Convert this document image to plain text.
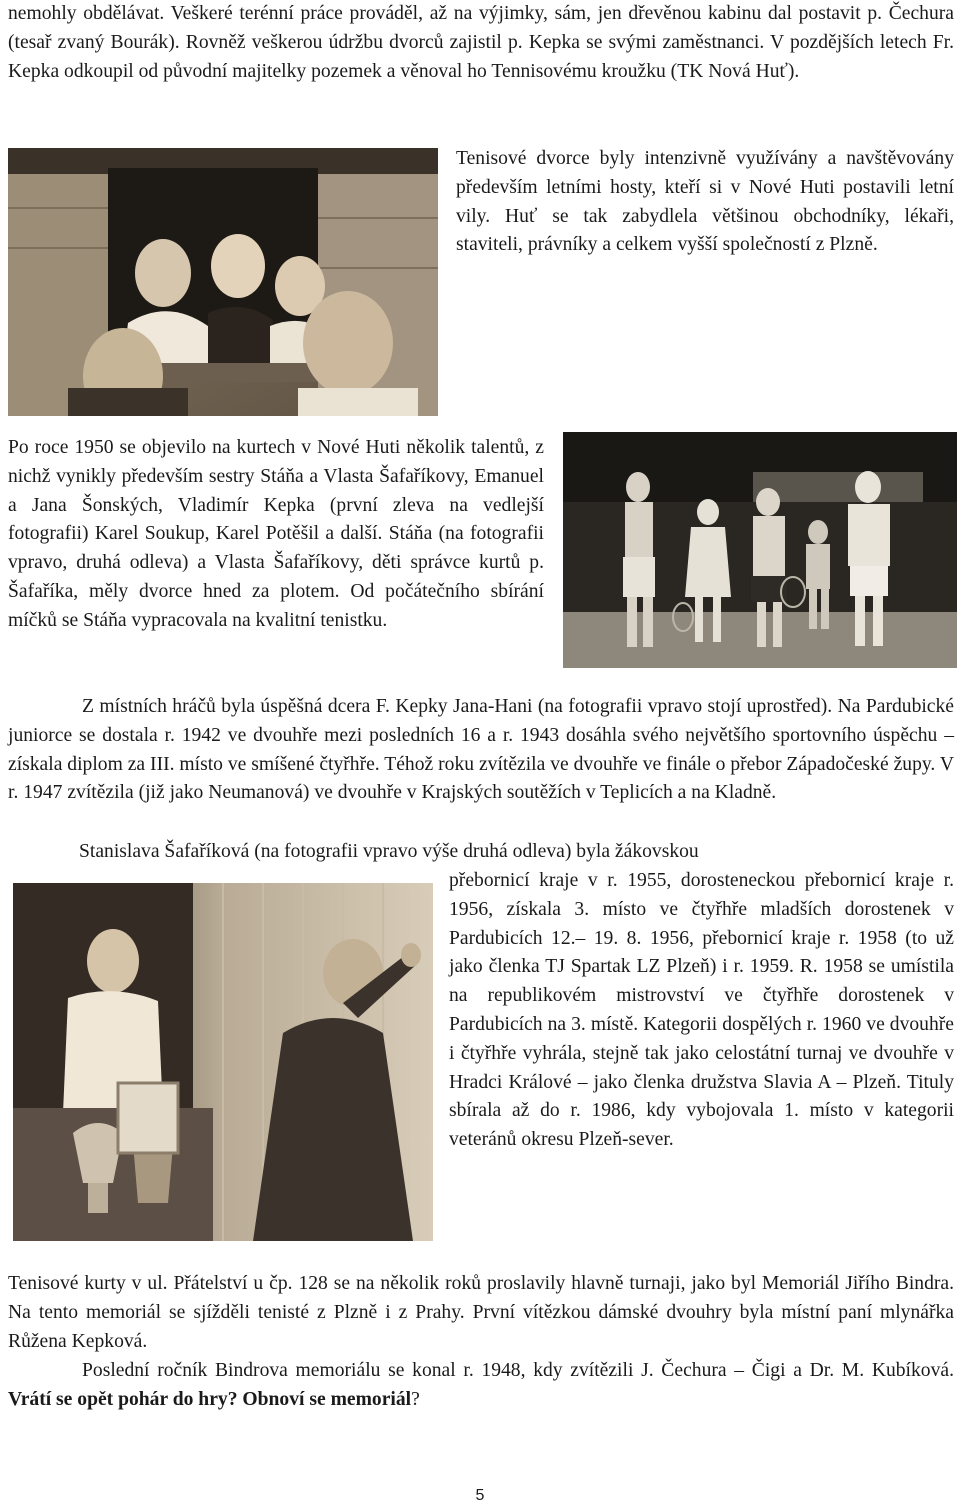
nemohly obdělávat. Veškeré terénní práce prováděl, až na výjimky, sám, jen dřevěnou kabinu dal postavit p. Čechura (tesař zvaný Bourák). Rovněž veškerou údržbu dvorců zajistil p. Kepka se svými zaměstnanci. V pozdějších letech Fr. Kepka odkoupil od původní majitelky pozemek a věnoval ho Tennisovému kroužku (TK Nová Huť).

Tenisové dvorce byly intenzivně využívány a navštěvovány především letními hosty, kteří si v Nové Huti postavili letní vily. Huť se tak zabydlela většinou obchodníky, lékaři, staviteli, právníky a celkem vyšší společností z Plzně.

Po roce 1950 se objevilo na kurtech v Nové Huti několik talentů, z nichž vynikly především sestry Stáňa a Vlasta Šafaříkovy, Emanuel a Jana Šonských, Vladimír Kepka (první zleva na vedlejší fotografii) Karel Soukup, Karel Potěšil a další. Stáňa (na fotografii vpravo, druhá odleva) a Vlasta Šafaříkovy, děti správce kurtů p. Šafaříka, měly dvorce hned za plotem. Od počátečního sbírání míčků se Stáňa vypracovala na kvalitní tenistku.

Z místních hráčů byla úspěšná dcera F. Kepky Jana-Hani (na fotografii vpravo stojí uprostřed). Na Pardubické juniorce se dostala r. 1942 ve dvouhře mezi posledních 16 a r. 1943 dosáhla svého největšího sportovního úspěchu – získala diplom za III. místo ve smíšené čtyřhře. Téhož roku zvítězila ve dvouhře ve finále o přebor Západočeské župy. V r. 1947 zvítězila (již jako Neumanová) ve dvouhře v Krajských soutěžích v Teplicích a na Kladně.

Stanislava Šafaříková (na fotografii vpravo výše druhá odleva) byla žákovskou

přebornicí kraje v r. 1955, dorosteneckou přebornicí kraje r. 1956, získala 3. místo ve čtyřhře mladších dorostenek v Pardubicích 12.– 19. 8. 1956, přebornicí kraje r. 1958 (to už jako členka TJ Spartak LZ Plzeň) i r. 1959. R. 1958 se umístila na republikovém mistrovství ve čtyřhře dorostenek v Pardubicích na 3. místě. Kategorii dospělých r. 1960 ve dvouhře i čtyřhře vyhrála, stejně tak jako celostátní turnaj ve dvouhře v Hradci Králové – jako členka družstva Slavia A – Plzeň. Tituly sbírala až do r. 1986, kdy vybojovala 1. místo v kategorii veteránů okresu Plzeň-sever.

Tenisové kurty v ul. Přátelství u čp. 128 se na několik roků proslavily hlavně turnaji, jako byl Memoriál Jiřího Bindra. Na tento memoriál se sjížděli tenisté z Plzně i z Prahy. První vítězkou dámské dvouhry byla místní paní mlynářka Růžena Kepková.

Poslední ročník Bindrova memoriálu se konal r. 1948, kdy zvítězili J. Čechura – Čigi a Dr. M. Kubíková. Vrátí se opět pohár do hry? Obnoví se memoriál?

5
